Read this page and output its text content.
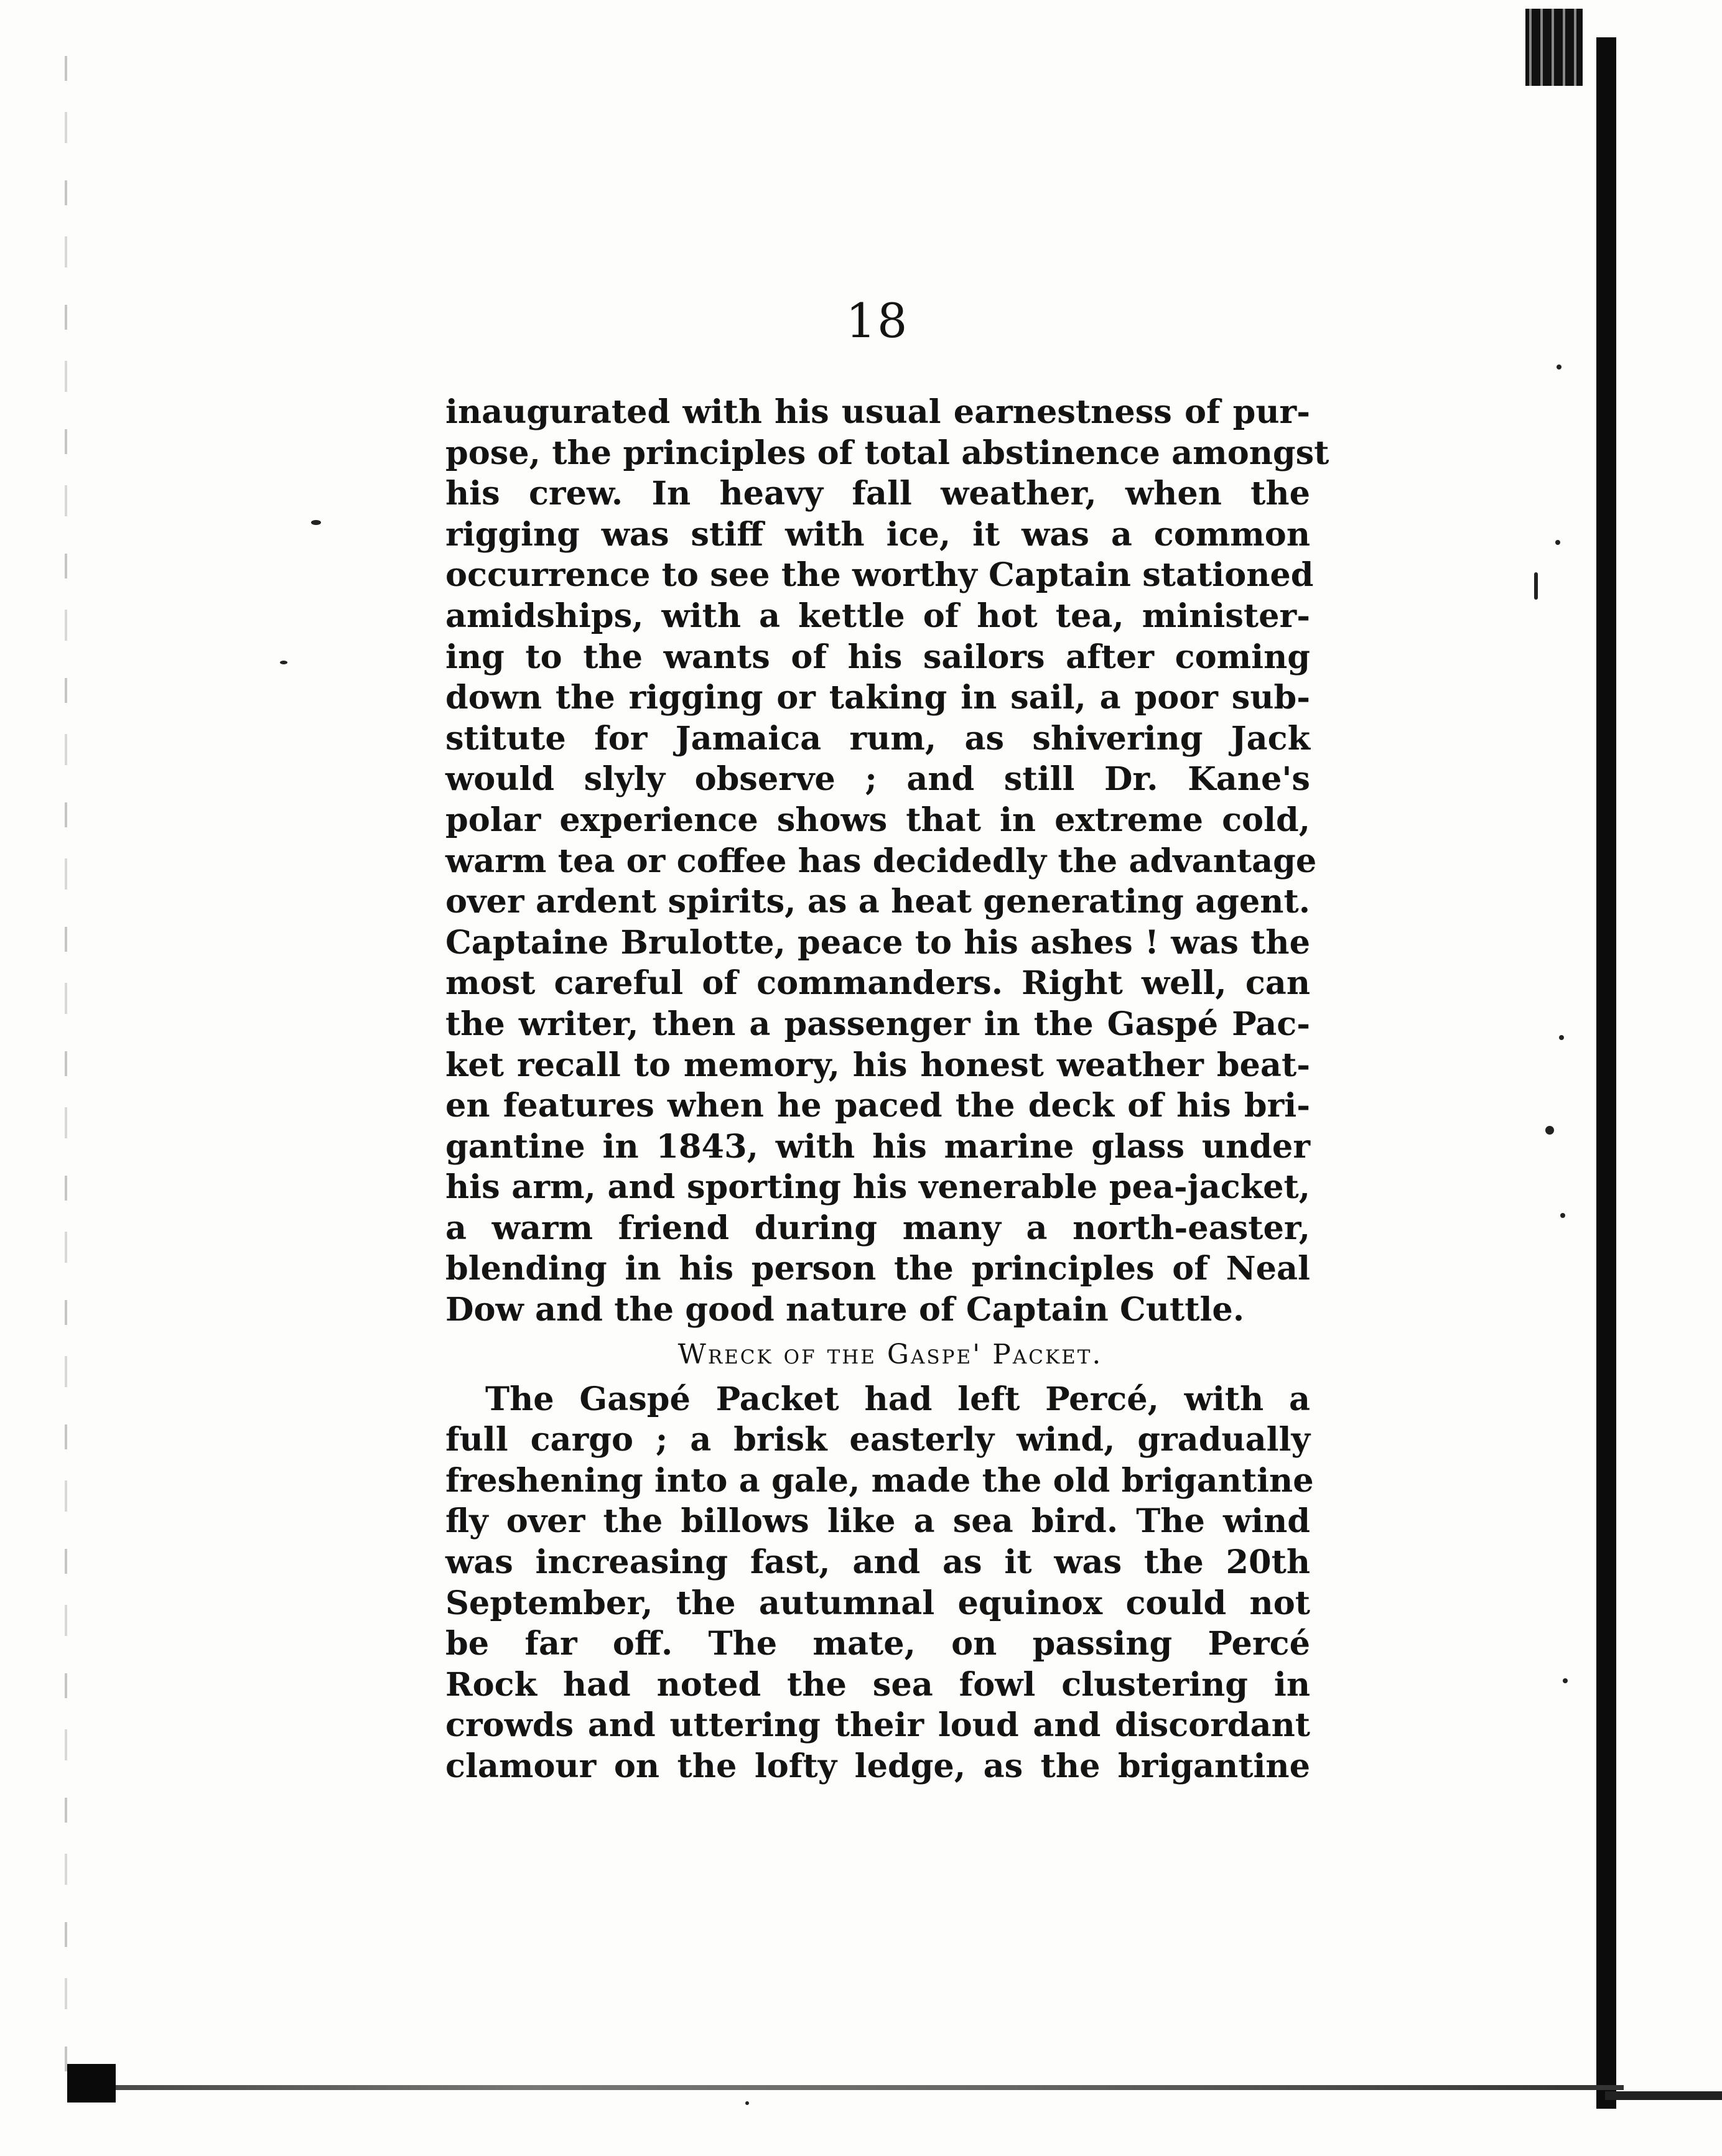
18
inaugurated with his usual earnestness of pur-
pose, the principles of total abstinence amongst
his crew. In heavy fall weather, when the
rigging was stiff with ice, it was a common
occurrence to see the worthy Captain stationed
amidships, with a kettle of hot tea, minister-
ing to the wants of his sailors after coming
down the rigging or taking in sail, a poor sub-
stitute for Jamaica rum, as shivering Jack
would slyly observe ; and still Dr. Kane's
polar experience shows that in extreme cold,
warm tea or coffee has decidedly the advantage
over ardent spirits, as a heat generating agent.
Captaine Brulotte, peace to his ashes ! was the
most careful of commanders. Right well, can
the writer, then a passenger in the Gaspé Pac-
ket recall to memory, his honest weather beat-
en features when he paced the deck of his bri-
gantine in 1843, with his marine glass under
his arm, and sporting his venerable pea-jacket,
a warm friend during many a north-easter,
blending in his person the principles of Neal
Dow and the good nature of Captain Cuttle.
Wreck of the Gaspe' Packet.
The Gaspé Packet had left Percé, with a
full cargo ; a brisk easterly wind, gradually
freshening into a gale, made the old brigantine
fly over the billows like a sea bird. The wind
was increasing fast, and as it was the 20th
September, the autumnal equinox could not
be far off. The mate, on passing Percé
Rock had noted the sea fowl clustering in
crowds and uttering their loud and discordant
clamour on the lofty ledge, as the brigantine
